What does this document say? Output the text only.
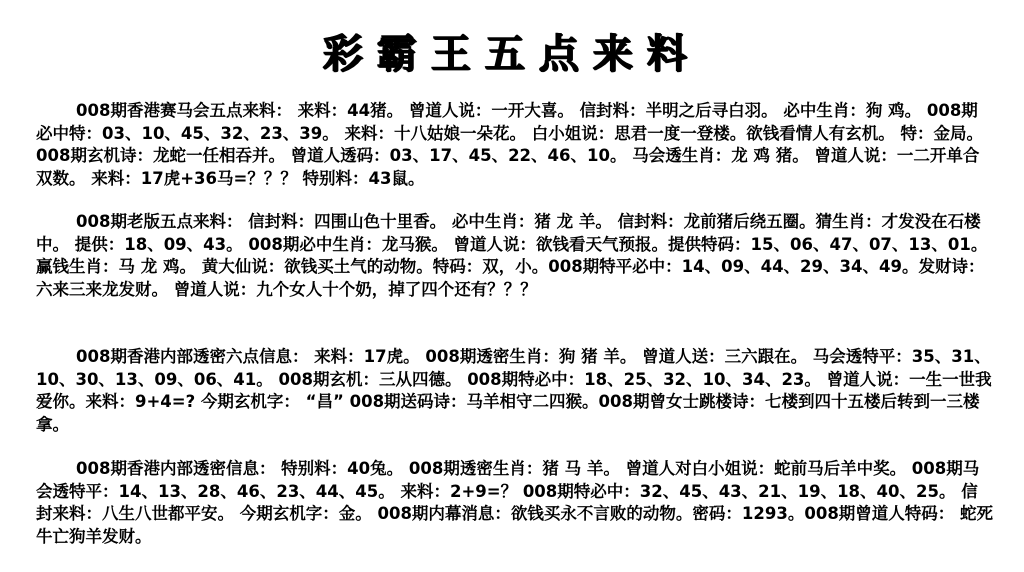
彩霸王五点来料
008期香港赛马会五点来料： 来料：44猪。 曾道人说：一开大喜。 信封料：半明之后寻白羽。 必中生肖：狗 鸡。 008期必中特：03、10、45、32、23、39。 来料：十八姑娘一朵花。 白小姐说：思君一度一登楼。欲钱看情人有玄机。 特：金局。 008期玄机诗：龙蛇一任相吞并。 曾道人透码：03、17、45、22、46、10。 马会透生肖：龙 鸡 猪。 曾道人说：一二开单合双数。 来料：17虎+36马=？？？ 特别料：43鼠。
008期老版五点来料： 信封料：四围山色十里香。 必中生肖：猪 龙 羊。 信封料：龙前猪后绕五圈。猜生肖：才发没在石楼中。 提供：18、09、43。 008期必中生肖：龙马猴。 曾道人说：欲钱看天气预报。提供特码：15、06、47、07、13、01。 赢钱生肖：马 龙 鸡。 黄大仙说：欲钱买土气的动物。特码：双，小。008期特平必中：14、09、44、29、34、49。发财诗：六来三来龙发财。 曾道人说：九个女人十个奶，掉了四个还有？？？
008期香港内部透密六点信息： 来料：17虎。 008期透密生肖：狗 猪 羊。 曾道人送：三六跟在。 马会透特平：35、31、10、30、13、09、06、41。 008期玄机：三从四德。 008期特必中：18、25、32、10、34、23。 曾道人说：一生一世我爱你。来料：9+4=? 今期玄机字： “昌” 008期送码诗：马羊相守二四猴。008期曾女士跳楼诗：七楼到四十五楼后转到一三楼拿。
008期香港内部透密信息： 特别料：40兔。 008期透密生肖：猪 马 羊。 曾道人对白小姐说：蛇前马后羊中奖。 008期马会透特平：14、13、28、46、23、44、45。 来料：2+9=？ 008期特必中：32、45、43、21、19、18、40、25。 信封来料：八生八世都平安。 今期玄机字：金。 008期内幕消息：欲钱买永不言败的动物。密码：1293。008期曾道人特码： 蛇死牛亡狗羊发财。
